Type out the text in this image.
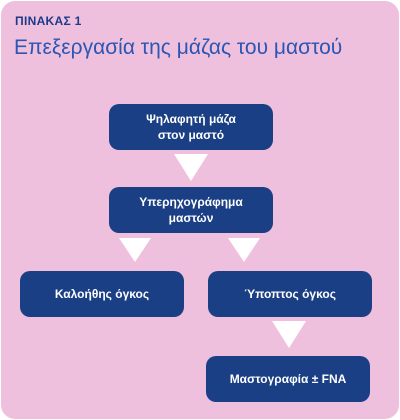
ΠΙΝΑΚΑΣ 1
Επεξεργασία της μάζας του μαστού
Ψηλαφητή μάζα
στον μαστό
Υπερηχογράφημα
μαστών
Καλοήθης όγκος	Ύποπτος όγκος
Μαστογραφία ± FNA
